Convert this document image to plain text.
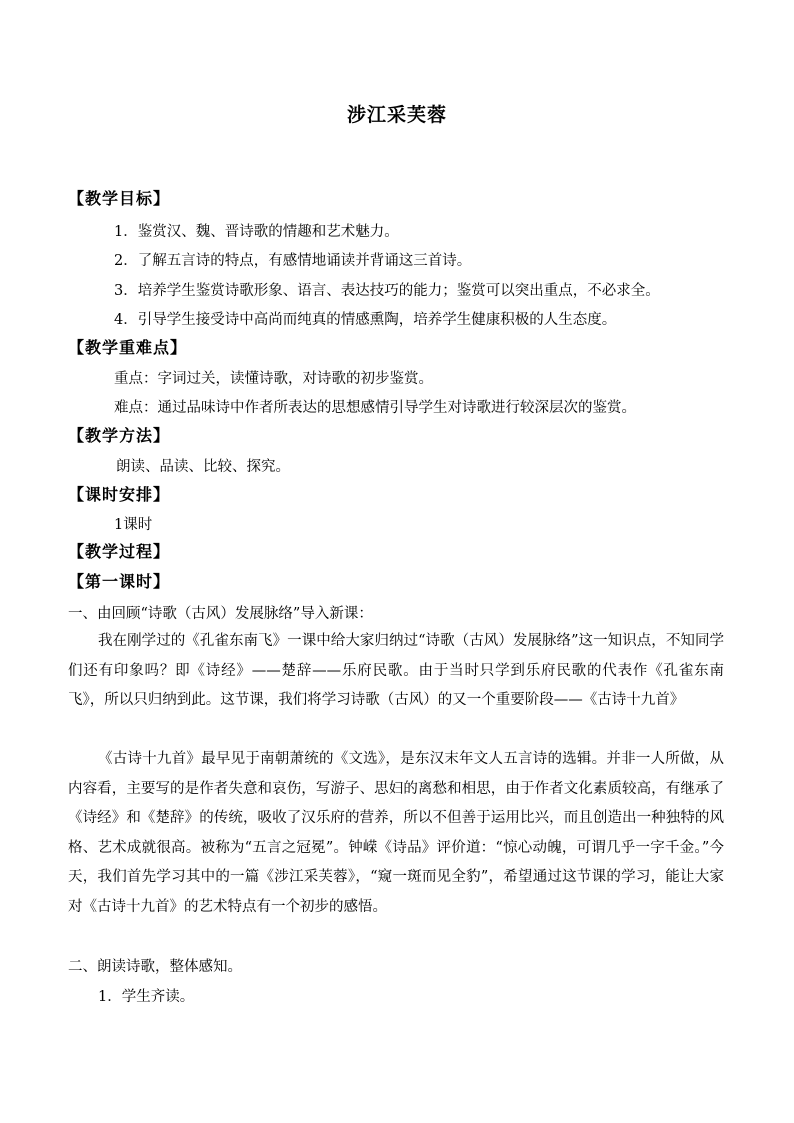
涉江采芙蓉
【教学目标】
1．鉴赏汉、魏、晋诗歌的情趣和艺术魅力。
2．了解五言诗的特点，有感情地诵读并背诵这三首诗。
3．培养学生鉴赏诗歌形象、语言、表达技巧的能力；鉴赏可以突出重点，不必求全。
4．引导学生接受诗中高尚而纯真的情感熏陶，培养学生健康积极的人生态度。
【教学重难点】
重点：字词过关，读懂诗歌，对诗歌的初步鉴赏。
难点：通过品味诗中作者所表达的思想感情引导学生对诗歌进行较深层次的鉴赏。
【教学方法】
朗读、品读、比较、探究。
【课时安排】
1课时
【教学过程】
【第一课时】
一、由回顾“诗歌（古风）发展脉络”导入新课：
我在刚学过的《孔雀东南飞》一课中给大家归纳过“诗歌（古风）发展脉络”这一知识点，不知同学们还有印象吗？即《诗经》——楚辞——乐府民歌。由于当时只学到乐府民歌的代表作《孔雀东南飞》，所以只归纳到此。这节课，我们将学习诗歌（古风）的又一个重要阶段——《古诗十九首》
《古诗十九首》最早见于南朝萧统的《文选》，是东汉末年文人五言诗的选辑。并非一人所做，从内容看，主要写的是作者失意和哀伤，写游子、思妇的离愁和相思，由于作者文化素质较高，有继承了《诗经》和《楚辞》的传统，吸收了汉乐府的营养，所以不但善于运用比兴，而且创造出一种独特的风格、艺术成就很高。被称为“五言之冠冕”。钟嵘《诗品》评价道：“惊心动魄，可谓几乎一字千金。”今天，我们首先学习其中的一篇《涉江采芙蓉》，“窥一斑而见全豹”，希望通过这节课的学习，能让大家对《古诗十九首》的艺术特点有一个初步的感悟。
二、朗读诗歌，整体感知。
1．学生齐读。
